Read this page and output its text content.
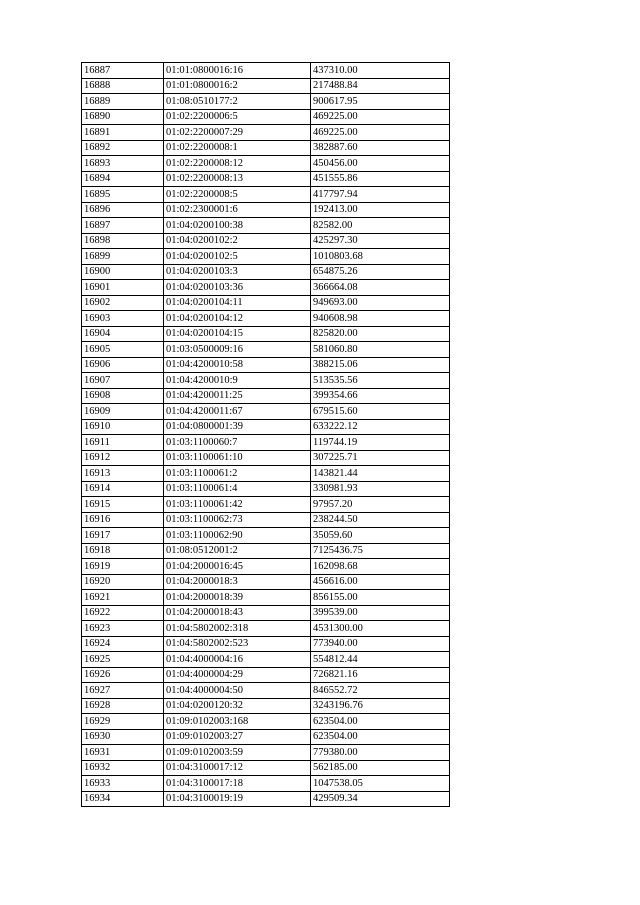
16887	01:01:0800016:16	437310.00
16888	01:01:0800016:2	217488.84
16889	01:08:0510177:2	900617.95
16890	01:02:2200006:5	469225.00
16891	01:02:2200007:29	469225.00
16892	01:02:2200008:1	382887.60
16893	01:02:2200008:12	450456.00
16894	01:02:2200008:13	451555.86
16895	01:02:2200008:5	417797.94
16896	01:02:2300001:6	192413.00
16897	01:04:0200100:38	82582.00
16898	01:04:0200102:2	425297.30
16899	01:04:0200102:5	1010803.68
16900	01:04:0200103:3	654875.26
16901	01:04:0200103:36	366664.08
16902	01:04:0200104:11	949693.00
16903	01:04:0200104:12	940608.98
16904	01:04:0200104:15	825820.00
16905	01:03:0500009:16	581060.80
16906	01:04:4200010:58	388215.06
16907	01:04:4200010:9	513535.56
16908	01:04:4200011:25	399354.66
16909	01:04:4200011:67	679515.60
16910	01:04:0800001:39	633222.12
16911	01:03:1100060:7	119744.19
16912	01:03:1100061:10	307225.71
16913	01:03:1100061:2	143821.44
16914	01:03:1100061:4	330981.93
16915	01:03:1100061:42	97957.20
16916	01:03:1100062:73	238244.50
16917	01:03:1100062:90	35059.60
16918	01:08:0512001:2	7125436.75
16919	01:04:2000016:45	162098.68
16920	01:04:2000018:3	456616.00
16921	01:04:2000018:39	856155.00
16922	01:04:2000018:43	399539.00
16923	01:04:5802002:318	4531300.00
16924	01:04:5802002:523	773940.00
16925	01:04:4000004:16	554812.44
16926	01:04:4000004:29	726821.16
16927	01:04:4000004:50	846552.72
16928	01:04:0200120:32	3243196.76
16929	01:09:0102003:168	623504.00
16930	01:09:0102003:27	623504.00
16931	01:09:0102003:59	779380.00
16932	01:04:3100017:12	562185.00
16933	01:04:3100017:18	1047538.05
16934	01:04:3100019:19	429509.34
